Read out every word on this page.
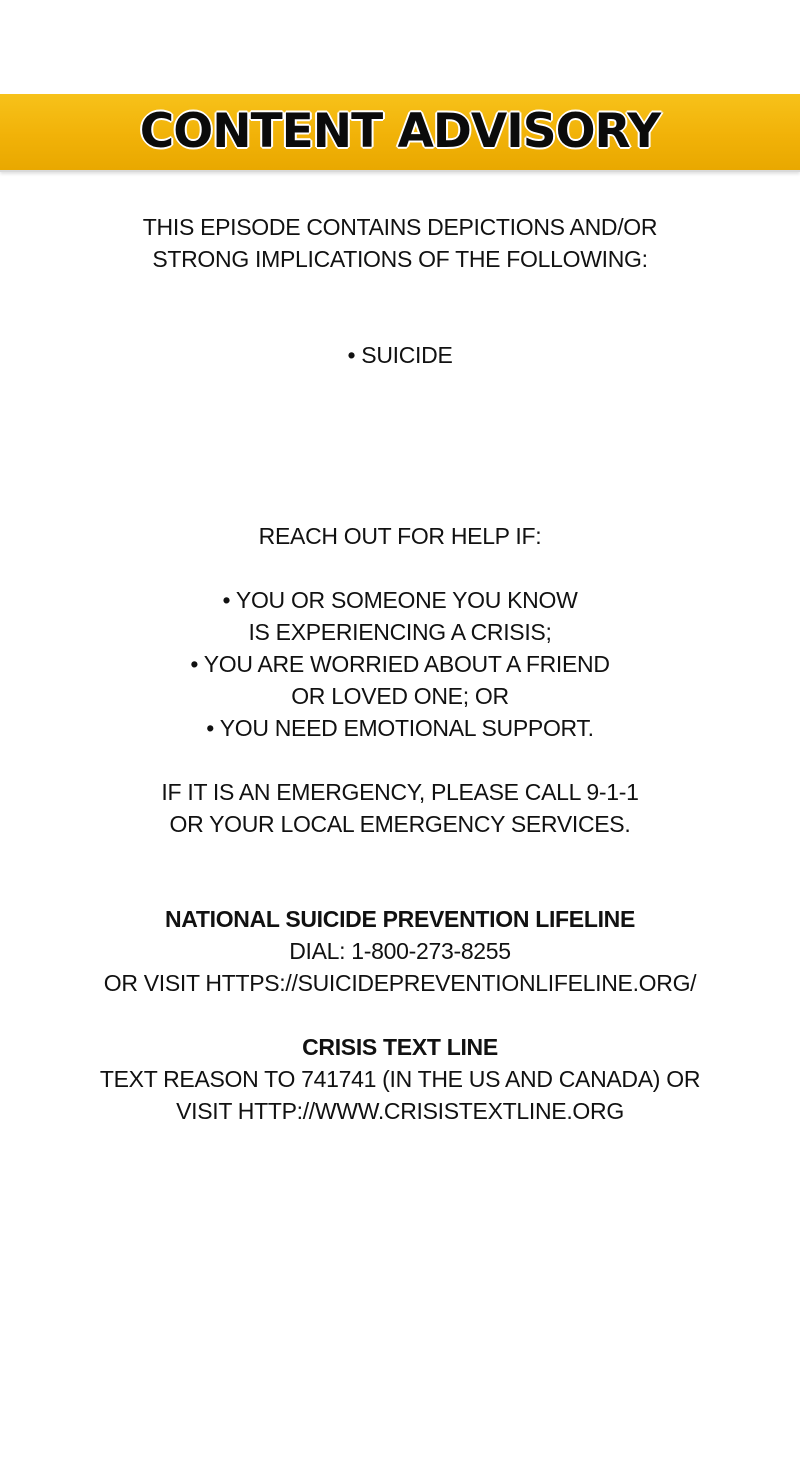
CONTENT ADVISORY
THIS EPISODE CONTAINS DEPICTIONS AND/OR
STRONG IMPLICATIONS OF THE FOLLOWING:
• SUICIDE
REACH OUT FOR HELP IF:
• YOU OR SOMEONE YOU KNOW
IS EXPERIENCING A CRISIS;
• YOU ARE WORRIED ABOUT A FRIEND
OR LOVED ONE; OR
• YOU NEED EMOTIONAL SUPPORT.
IF IT IS AN EMERGENCY, PLEASE CALL 9-1-1
OR YOUR LOCAL EMERGENCY SERVICES.
NATIONAL SUICIDE PREVENTION LIFELINE
DIAL: 1-800-273-8255
OR VISIT HTTPS://SUICIDEPREVENTIONLIFELINE.ORG/
CRISIS TEXT LINE
TEXT REASON TO 741741 (IN THE US AND CANADA) OR
VISIT HTTP://WWW.CRISISTEXTLINE.ORG
